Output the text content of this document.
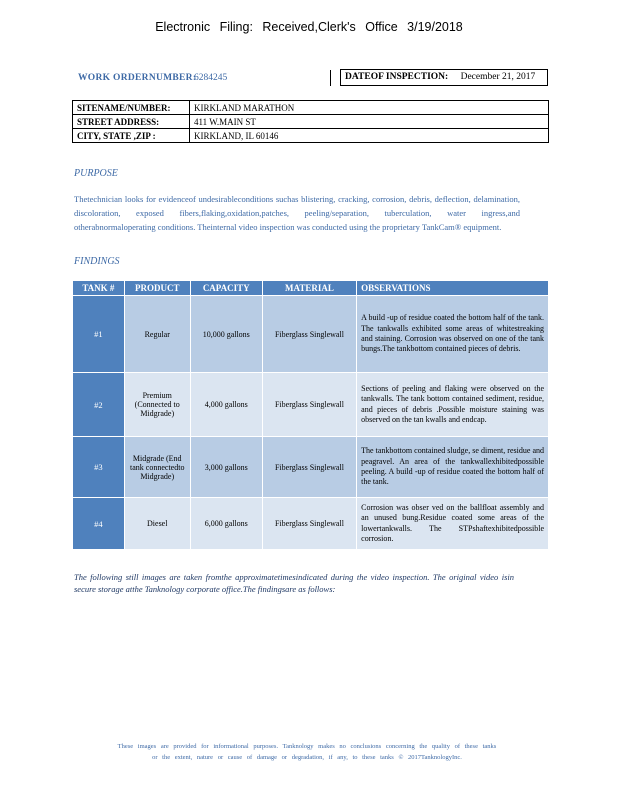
Electronic Filing: Received,Clerk's Office 3/19/2018
WORK ORDERNUMBER:
6284245	DATEOF INSPECTION: December 21, 2017
SITENAME/NUMBER:	KIRKLAND MARATHON
STREET ADDRESS:	411 W.MAIN ST
CITY, STATE ,ZIP :	KIRKLAND, IL 60146
PURPOSE
Thetechnician looks for evidenceof undesirableconditions suchas blistering, cracking, corrosion, debris, deflection, delamination, discoloration, exposed fibers,flaking,oxidation,patches, peeling/separation, tuberculation, water ingress,and otherabnormaloperating conditions. Theinternal video inspection was conducted using the proprietary TankCam® equipment.
FINDINGS
TANK #	PRODUCT	CAPACITY	MATERIAL	OBSERVATIONS
#1	Regular	10,000 gallons	Fiberglass Singlewall	A build -up of residue coated the bottom half of the tank. The tankwalls exhibited some areas of whitestreaking and staining. Corrosion was observed on one of the tank bungs.The tankbottom contained pieces of debris.
#2	Premium (Connected to Midgrade)	4,000 gallons	Fiberglass Singlewall	Sections of peeling and flaking were observed on the tankwalls. The tank bottom contained sediment, residue, and pieces of debris .Possible moisture staining was observed on the tan kwalls and endcap.
#3	Midgrade (End tank connectedto Midgrade)	3,000 gallons	Fiberglass Singlewall	The tankbottom contained sludge, se diment, residue and peagravel. An area of the tankwallexhibitedpossible peeling. A build -up of residue coated the bottom half of the tank.
#4	Diesel	6,000 gallons	Fiberglass Singlewall	Corrosion was obser ved on the ballfloat assembly and an unused bung.Residue coated some areas of the lowertankwalls. The STPshaftexhibitedpossible corrosion.
The following still images are taken fromthe approximatetimesindicated during the video inspection. The original video isin secure storage atthe Tanknology corporate office.The findingsare as follows:
These images are provided for informational purposes. Tanknology makes no conclusions concerning the quality of these tanks
or the extent, nature or cause of damage or degradation, if any, to these tanks © 2017TanknologyInc.
